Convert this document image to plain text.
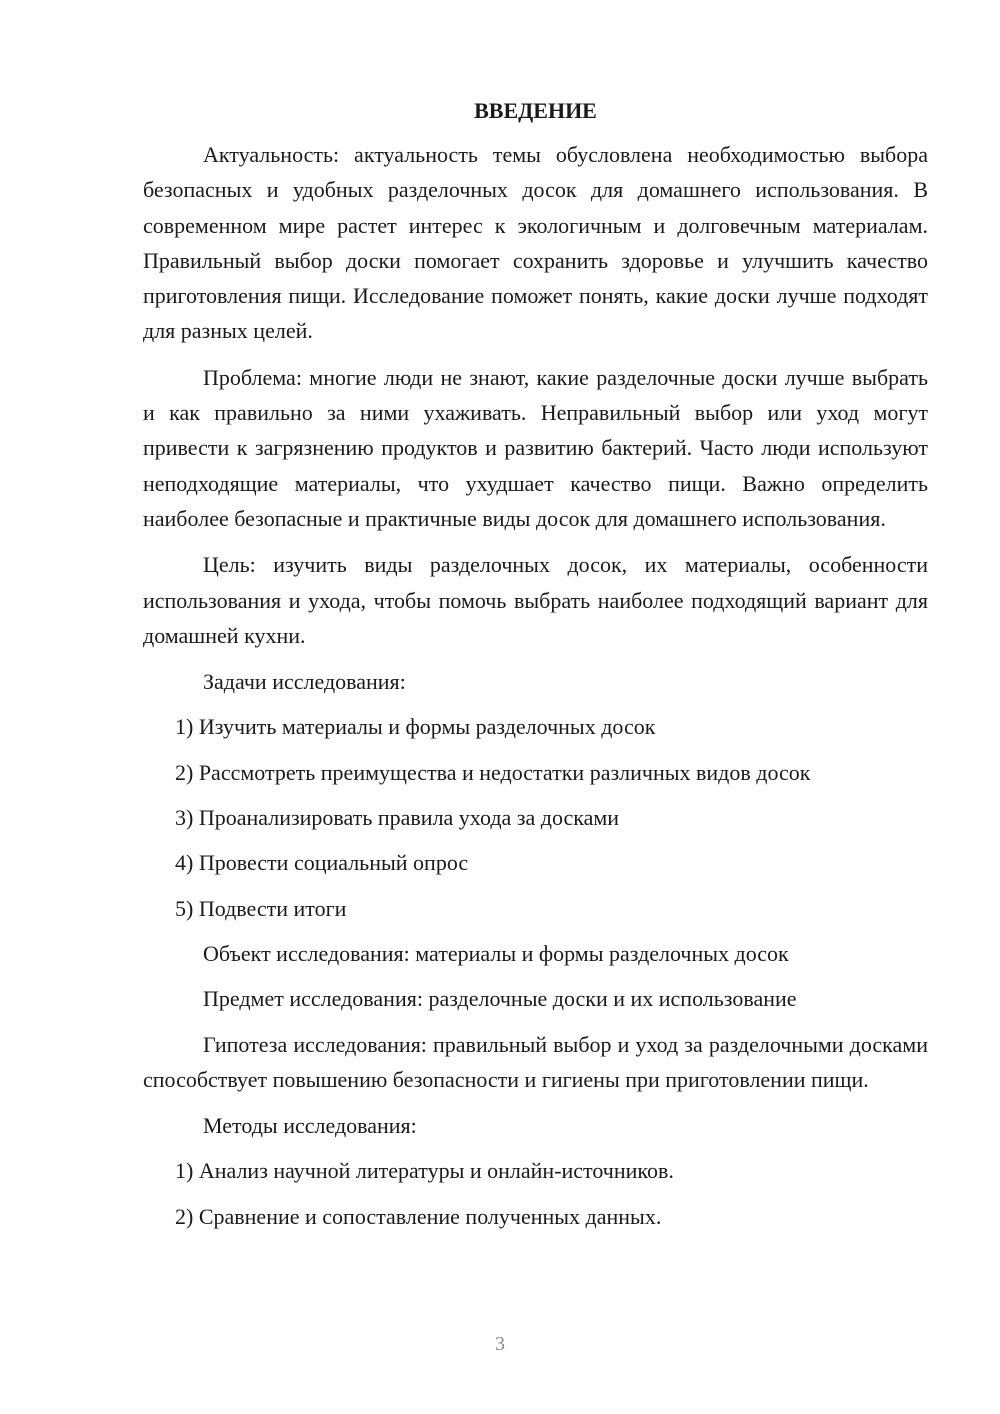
ВВЕДЕНИЕ

Актуальность: актуальность темы обусловлена необходимостью выбора безопасных и удобных разделочных досок для домашнего использования. В современном мире растет интерес к экологичным и долговечным материалам. Правильный выбор доски помогает сохранить здоровье и улучшить качество приготовления пищи. Исследование поможет понять, какие доски лучше подходят для разных целей.

Проблема: многие люди не знают, какие разделочные доски лучше выбрать и как правильно за ними ухаживать. Неправильный выбор или уход могут привести к загрязнению продуктов и развитию бактерий. Часто люди используют неподходящие материалы, что ухудшает качество пищи. Важно определить наиболее безопасные и практичные виды досок для домашнего использования.

Цель: изучить виды разделочных досок, их материалы, особенности использования и ухода, чтобы помочь выбрать наиболее подходящий вариант для домашней кухни.

Задачи исследования:
1) Изучить материалы и формы разделочных досок
2) Рассмотреть преимущества и недостатки различных видов досок
3) Проанализировать правила ухода за досками
4) Провести социальный опрос
5) Подвести итоги
Объект исследования: материалы и формы разделочных досок
Предмет исследования: разделочные доски и их использование

Гипотеза исследования: правильный выбор и уход за разделочными досками способствует повышению безопасности и гигиены при приготовлении пищи.

Методы исследования:
1) Анализ научной литературы и онлайн-источников.
2) Сравнение и сопоставление полученных данных.
3
